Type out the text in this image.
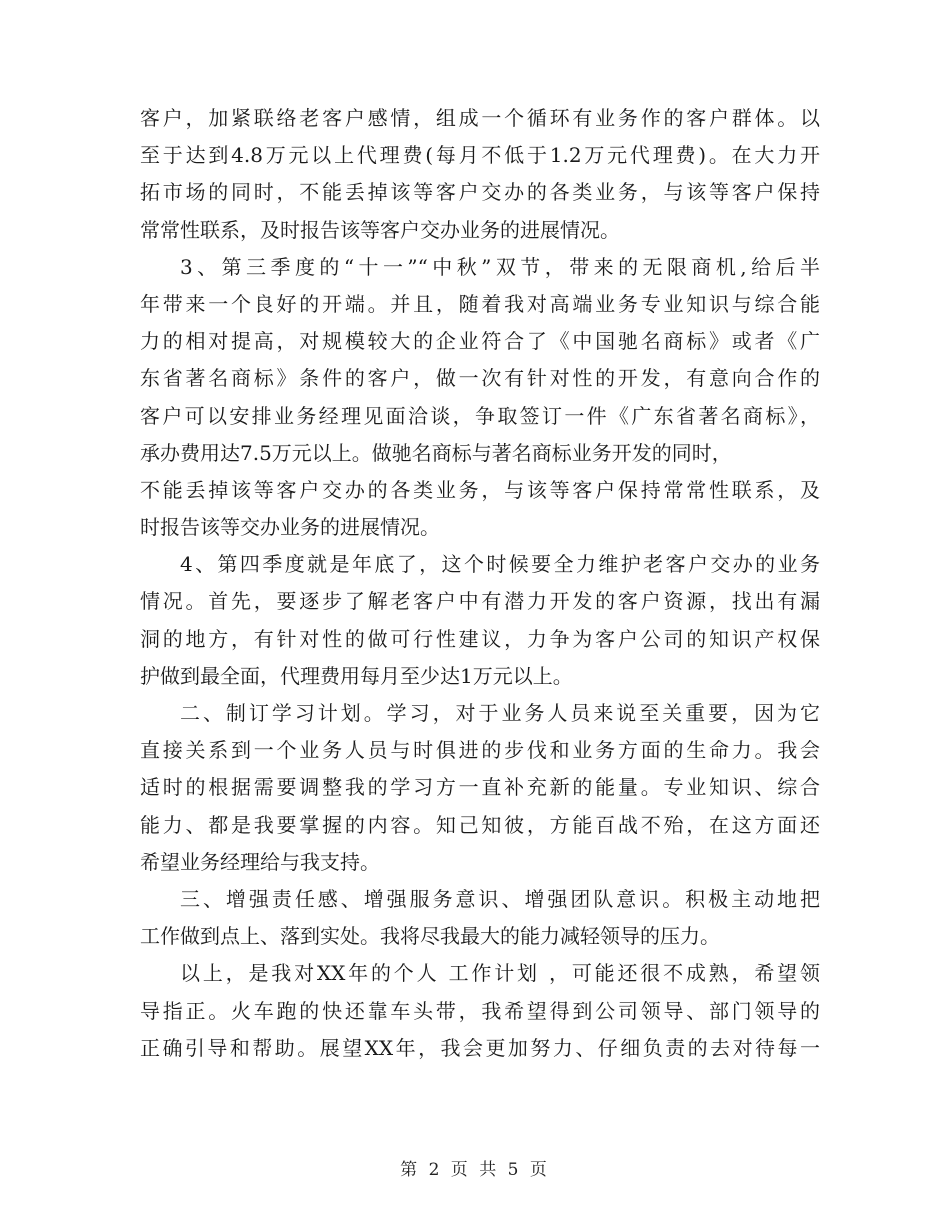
客户，加紧联络老客户感情，组成一个循环有业务作的客户群体。以
至于达到4.8万元以上代理费(每月不低于1.2万元代理费)。在大力开
拓市场的同时，不能丢掉该等客户交办的各类业务，与该等客户保持
常常性联系，及时报告该等客户交办业务的进展情况。
3、第三季度的“十一”“中秋”双节，带来的无限商机,给后半
年带来一个良好的开端。并且，随着我对高端业务专业知识与综合能
力的相对提高，对规模较大的企业符合了《中国驰名商标》或者《广
东省著名商标》条件的客户，做一次有针对性的开发，有意向合作的
客户可以安排业务经理见面洽谈，争取签订一件《广东省著名商标》，
承办费用达7.5万元以上。做驰名商标与著名商标业务开发的同时，
不能丢掉该等客户交办的各类业务，与该等客户保持常常性联系，及
时报告该等交办业务的进展情况。
4、第四季度就是年底了，这个时候要全力维护老客户交办的业务
情况。首先，要逐步了解老客户中有潜力开发的客户资源，找出有漏
洞的地方，有针对性的做可行性建议，力争为客户公司的知识产权保
护做到最全面，代理费用每月至少达1万元以上。
二、制订学习计划。学习，对于业务人员来说至关重要，因为它
直接关系到一个业务人员与时俱进的步伐和业务方面的生命力。我会
适时的根据需要调整我的学习方一直补充新的能量。专业知识、综合
能力、都是我要掌握的内容。知己知彼，方能百战不殆，在这方面还
希望业务经理给与我支持。
三、增强责任感、增强服务意识、增强团队意识。积极主动地把
工作做到点上、落到实处。我将尽我最大的能力减轻领导的压力。
以上，是我对XX年的个人 工作计划 ，可能还很不成熟，希望领
导指正。火车跑的快还靠车头带，我希望得到公司领导、部门领导的
正确引导和帮助。展望XX年，我会更加努力、仔细负责的去对待每一
第 2 页 共 5 页
